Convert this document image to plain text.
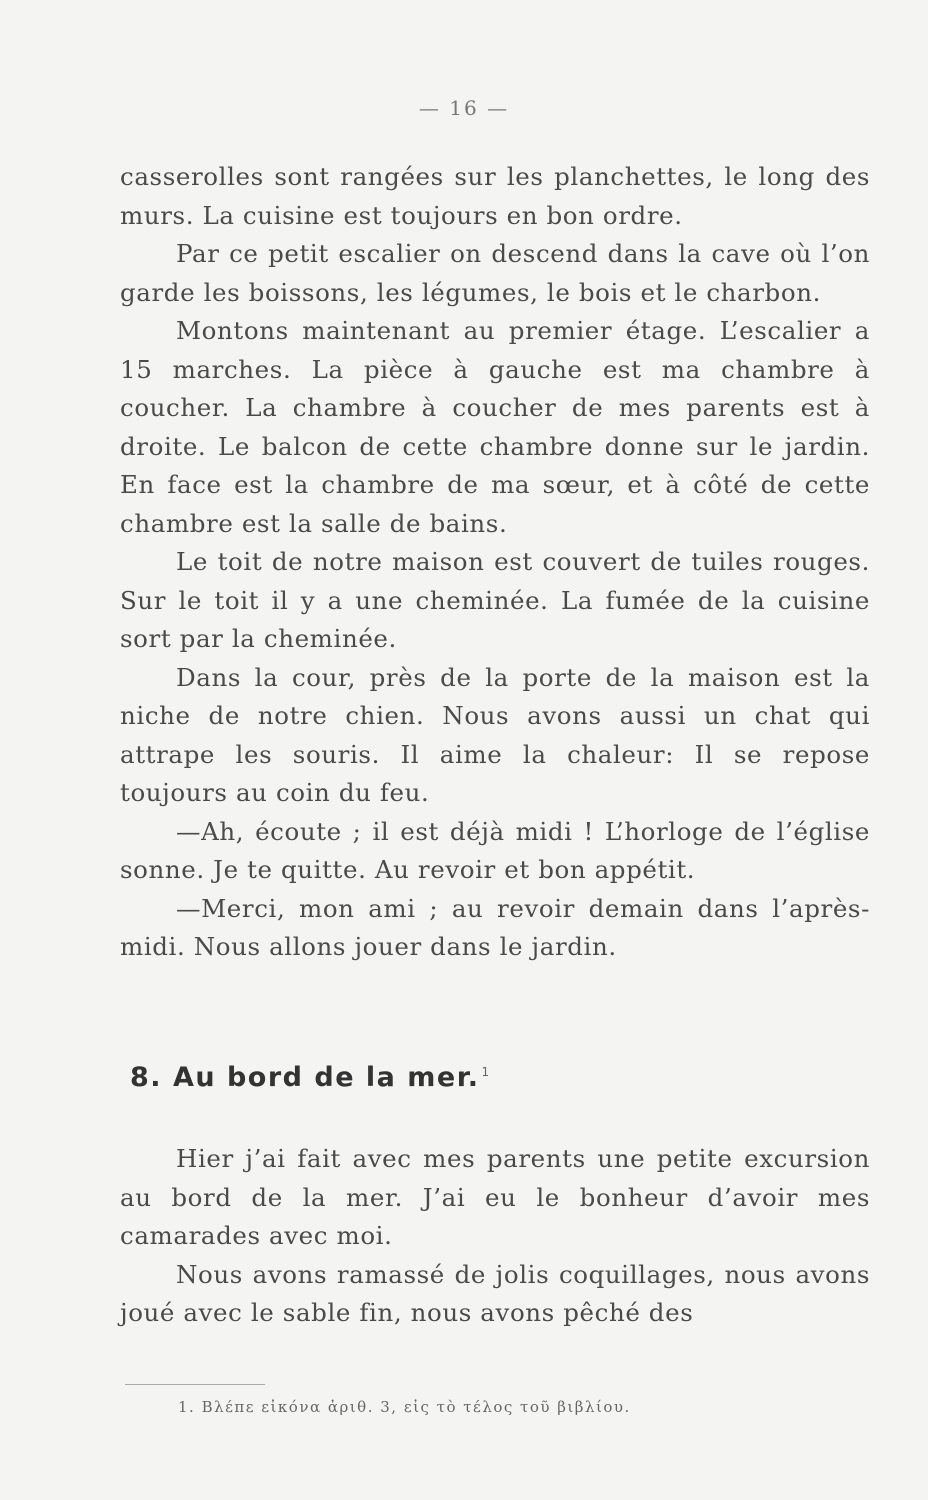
— 16 —

casserolles sont rangées sur les planchettes, le long des murs. La cuisine est toujours en bon ordre.

Par ce petit escalier on descend dans la cave où l’on garde les boissons, les légumes, le bois et le charbon.

Montons maintenant au premier étage. L’escalier a 15 marches. La pièce à gauche est ma chambre à coucher. La chambre à coucher de mes parents est à droite. Le balcon de cette chambre donne sur le jardin. En face est la chambre de ma sœur, et à côté de cette chambre est la salle de bains.

Le toit de notre maison est couvert de tuiles rouges. Sur le toit il y a une cheminée. La fumée de la cuisine sort par la cheminée.

Dans la cour, près de la porte de la maison est la niche de notre chien. Nous avons aussi un chat qui attrape les souris. Il aime la chaleur: Il se repose toujours au coin du feu.

—Ah, écoute ; il est déjà midi ! L’horloge de l’église sonne. Je te quitte. Au revoir et bon appétit.

—Merci, mon ami ; au revoir demain dans l’après-midi. Nous allons jouer dans le jardin.

8. Au bord de la mer. $^1$

Hier j’ai fait avec mes parents une petite excursion au bord de la mer. J’ai eu le bonheur d’avoir mes camarades avec moi.

Nous avons ramassé de jolis coquillages, nous avons joué avec le sable fin, nous avons pêché des

1. Βλέπε εἰκόνα ἀριθ. 3, εἰς τὸ τέλος τοῦ βιβλίου.
